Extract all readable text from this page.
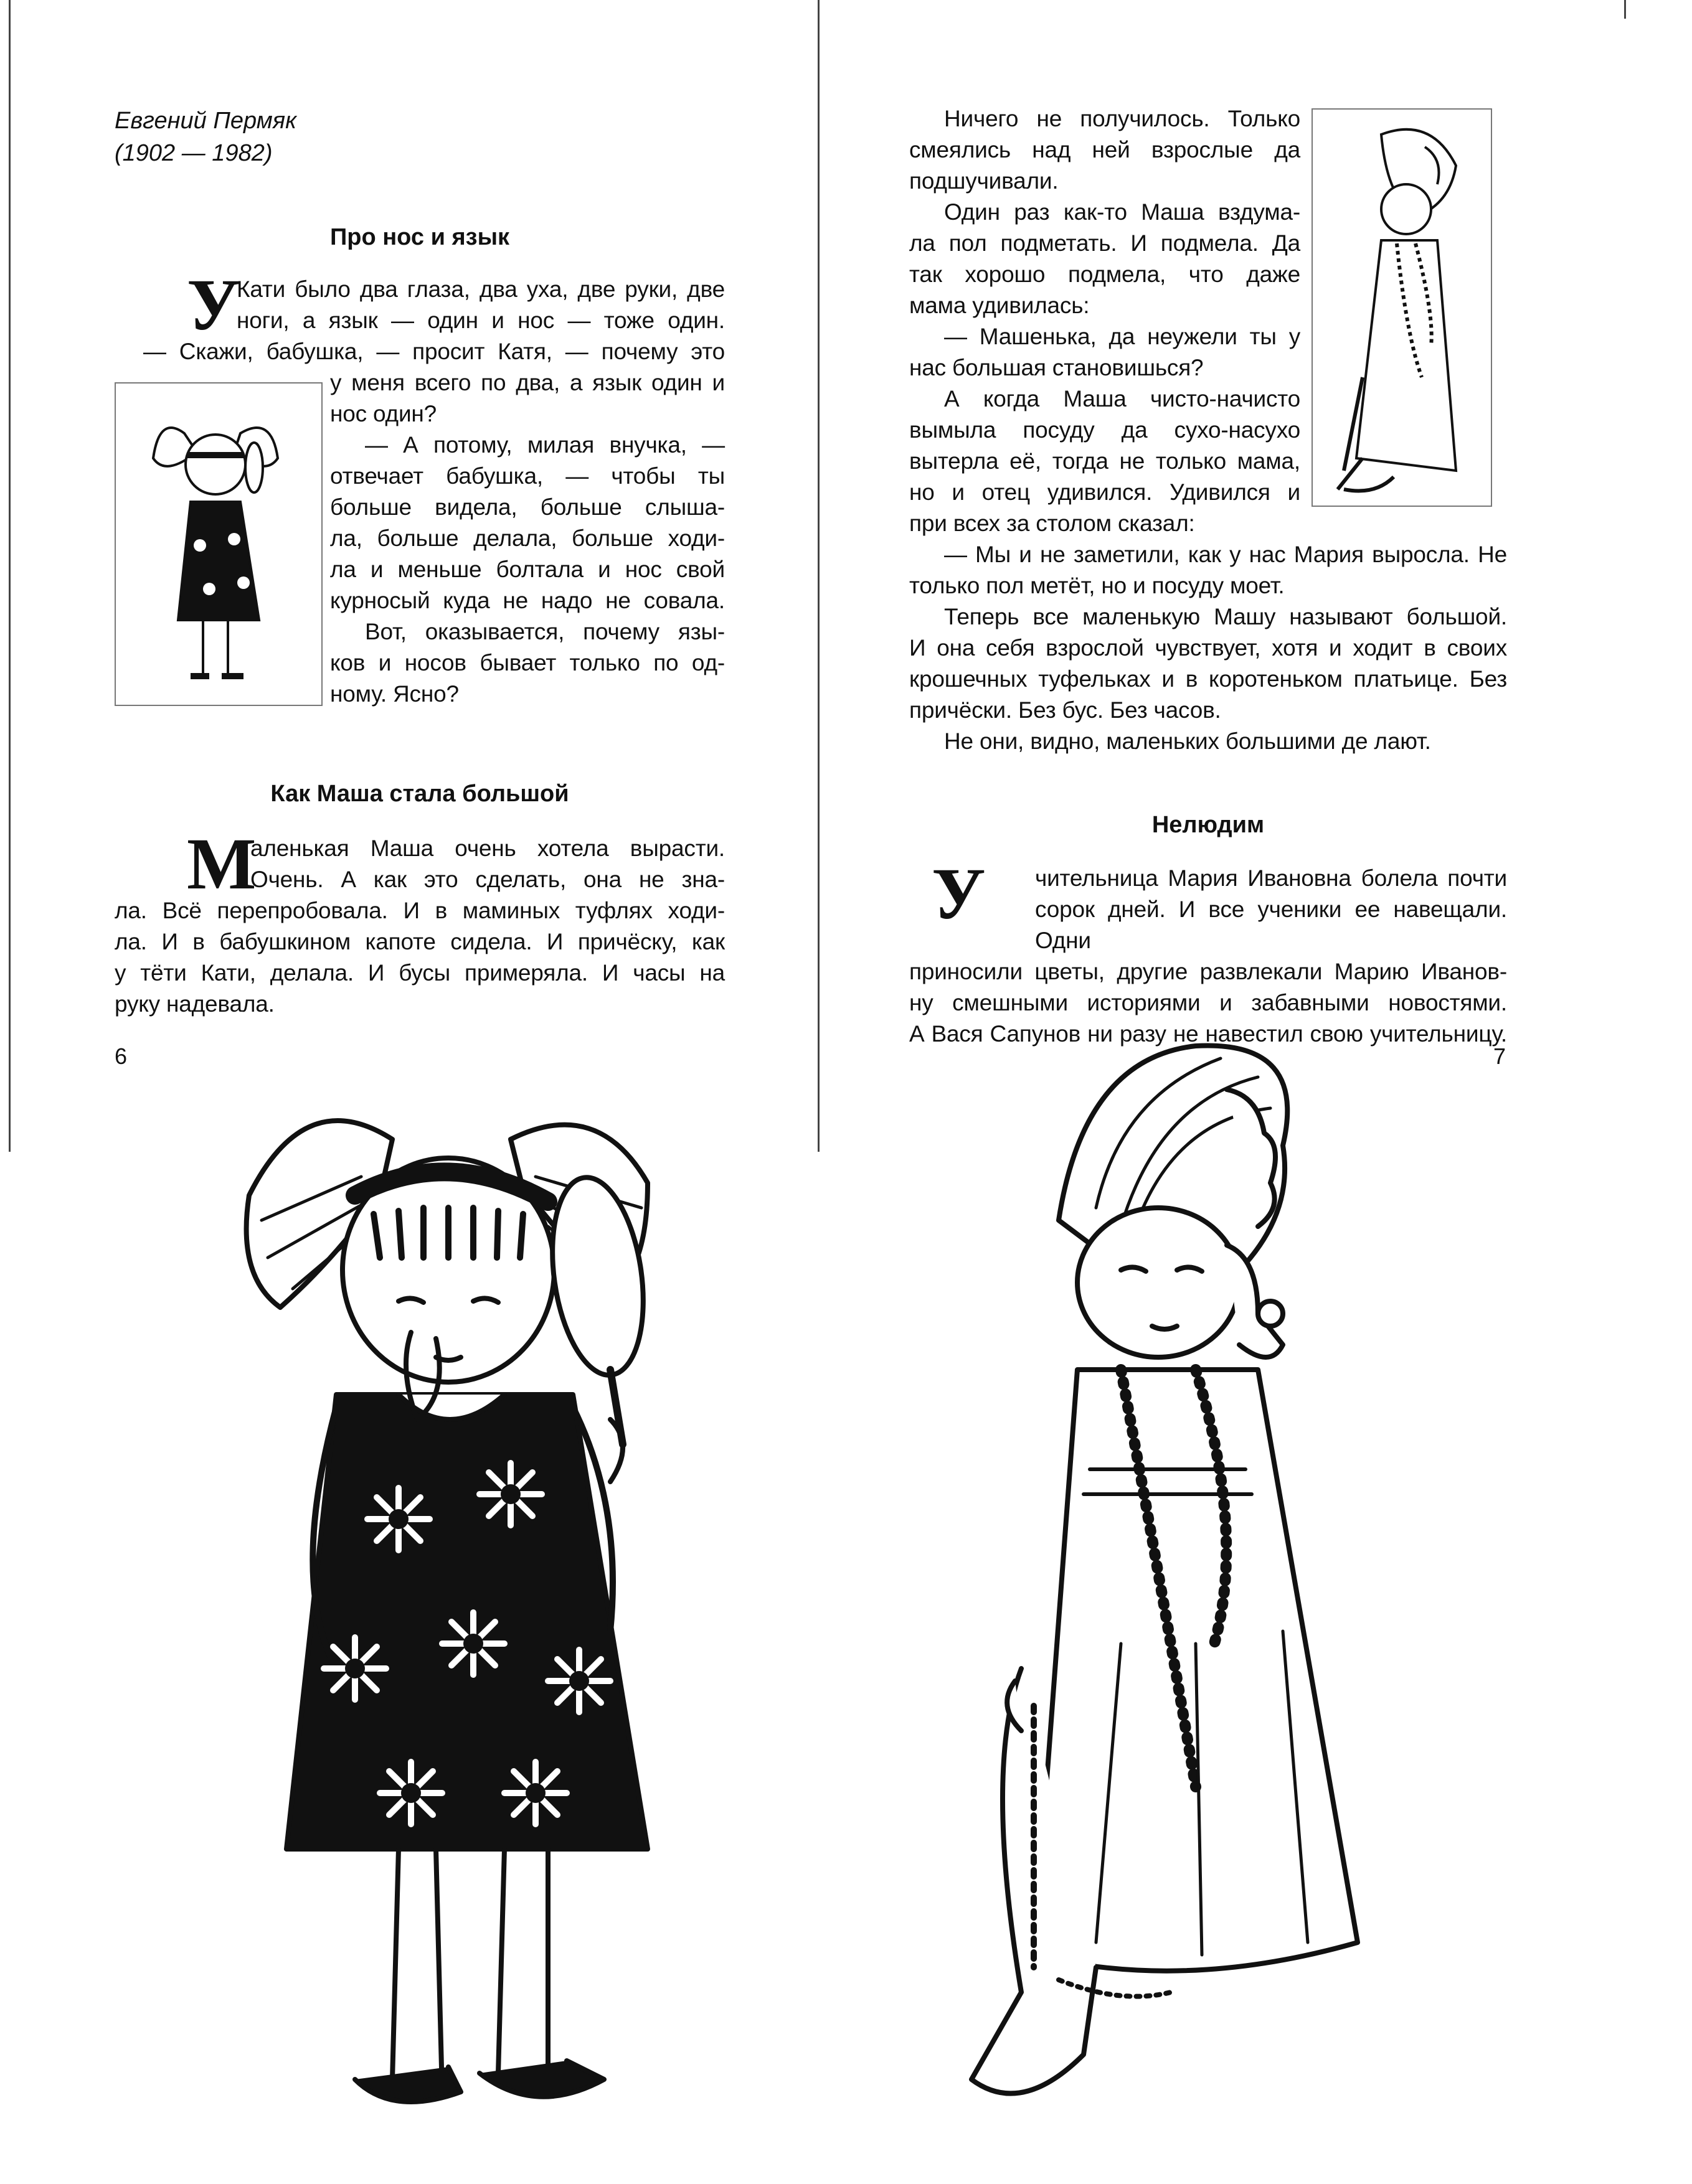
Евгений Пермяк
(1902 — 1982)
Про нос и язык
У
Кати было два глаза, два уха, две руки, две
ноги, а язык — один и нос — тоже один.
— Скажи, бабушка, — просит Катя, — почему это
у меня всего по два, а язык один и
нос один?
— А потому, милая внучка, —
отвечает бабушка, — чтобы ты
больше видела, больше слыша-
ла, больше делала, больше ходи-
ла и меньше болтала и нос свой
курносый куда не надо не совала.
Вот, оказывается, почему язы-
ков и носов бывает только по од-
ному. Ясно?
Как Маша стала большой
М
аленькая Маша очень хотела вырасти.
Очень. А как это сделать, она не зна-
ла. Всё перепробовала. И в маминых туфлях ходи-
ла. И в бабушкином капоте сидела. И причёску, как
у тёти Кати, делала. И бусы примеряла. И часы на
руку надевала.
6
Ничего не получилось. Только
смеялись над ней взрослые да
подшучивали.
Один раз как-то Маша вздума-
ла пол подметать. И подмела. Да
так хорошо подмела, что даже
мама удивилась:
— Машенька, да неужели ты у
нас большая становишься?
А когда Маша чисто-начисто
вымыла посуду да сухо-насухо
вытерла её, тогда не только мама,
но и отец удивился. Удивился и
при всех за столом сказал:
— Мы и не заметили, как у нас Мария выросла. Не
только пол метёт, но и посуду моет.
Теперь все маленькую Машу называют большой.
И она себя взрослой чувствует, хотя и ходит в своих
крошечных туфельках и в коротеньком платьице. Без
причёски. Без бус. Без часов.
Не они, видно, маленьких большими де лают.
Нелюдим
У чительница Мария Ивановна болела почти
сорок дней. И все ученики ее навещали. Одни
приносили цветы, другие развлекали Марию Иванов-
ну смешными историями и забавными новостями.
А Вася Сапунов ни разу не навестил свою учительницу.
7
